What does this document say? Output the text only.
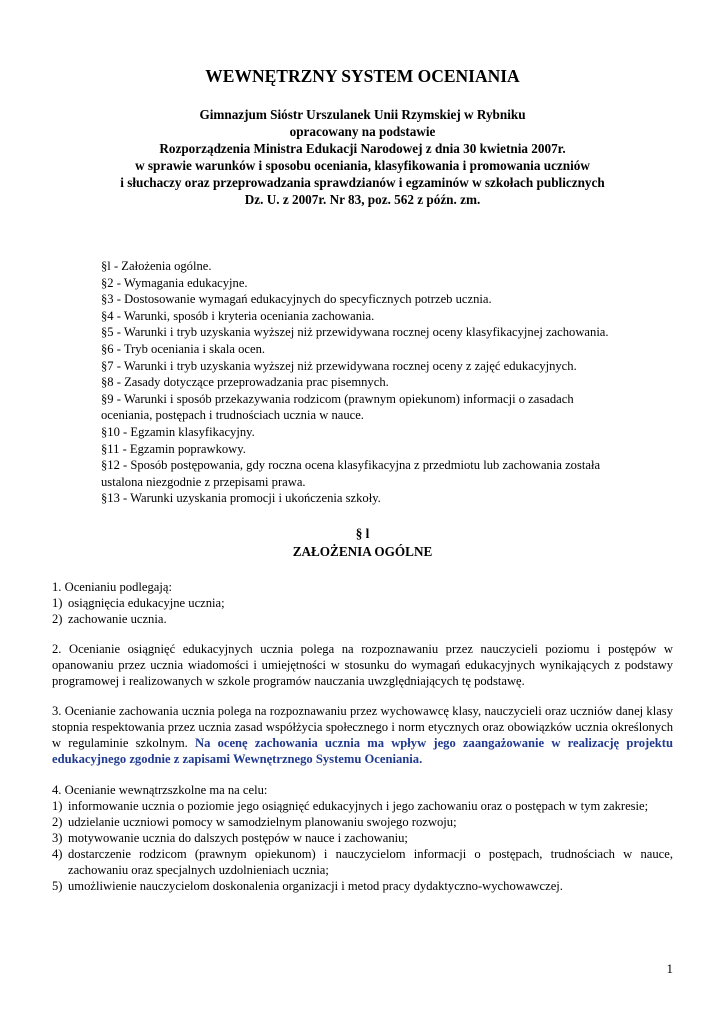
WEWNĘTRZNY SYSTEM OCENIANIA
Gimnazjum Sióstr Urszulanek Unii Rzymskiej w Rybniku
opracowany na podstawie
Rozporządzenia Ministra Edukacji Narodowej z dnia 30 kwietnia 2007r.
w sprawie warunków i sposobu oceniania, klasyfikowania i promowania uczniów
i słuchaczy oraz przeprowadzania sprawdzianów i egzaminów w szkołach publicznych
Dz. U. z 2007r. Nr 83, poz. 562 z późn. zm.
§l - Założenia ogólne.
§2 - Wymagania edukacyjne.
§3 - Dostosowanie wymagań edukacyjnych do specyficznych potrzeb ucznia.
§4 - Warunki, sposób i kryteria oceniania zachowania.
§5 - Warunki i tryb uzyskania wyższej niż przewidywana rocznej oceny klasyfikacyjnej zachowania.
§6 - Tryb oceniania i skala ocen.
§7 - Warunki i tryb uzyskania wyższej niż przewidywana rocznej oceny z zajęć edukacyjnych.
§8 - Zasady dotyczące przeprowadzania prac pisemnych.
§9 - Warunki i sposób przekazywania rodzicom (prawnym opiekunom) informacji o zasadach
oceniania, postępach i trudnościach ucznia w nauce.
§10 - Egzamin klasyfikacyjny.
§11 - Egzamin poprawkowy.
§12 - Sposób postępowania, gdy roczna ocena klasyfikacyjna z przedmiotu lub zachowania została
ustalona niezgodnie z przepisami prawa.
§13 - Warunki uzyskania promocji i ukończenia szkoły.
§ l
ZAŁOŻENIA OGÓLNE
1. Ocenianiu podlegają:
1) osiągnięcia edukacyjne ucznia;
2) zachowanie ucznia.
2. Ocenianie osiągnięć edukacyjnych ucznia polega na rozpoznawaniu przez nauczycieli poziomu i postępów w opanowaniu przez ucznia wiadomości i umiejętności w stosunku do wymagań edukacyjnych wynikających z podstawy programowej i realizowanych w szkole programów nauczania uwzględniających tę podstawę.
3. Ocenianie zachowania ucznia polega na rozpoznawaniu przez wychowawcę klasy, nauczycieli oraz uczniów danej klasy stopnia respektowania przez ucznia zasad współżycia społecznego i norm etycznych oraz obowiązków ucznia określonych w regulaminie szkolnym. Na ocenę zachowania ucznia ma wpływ jego zaangażowanie w realizację projektu edukacyjnego zgodnie z zapisami Wewnętrznego Systemu Oceniania.
4. Ocenianie wewnątrzszkolne ma na celu:
1) informowanie ucznia o poziomie jego osiągnięć edukacyjnych i jego zachowaniu oraz o postępach w tym zakresie;
2) udzielanie uczniowi pomocy w samodzielnym planowaniu swojego rozwoju;
3) motywowanie ucznia do dalszych postępów w nauce i zachowaniu;
4) dostarczenie rodzicom (prawnym opiekunom) i nauczycielom informacji o postępach, trudnościach w nauce, zachowaniu oraz specjalnych uzdolnieniach ucznia;
5) umożliwienie nauczycielom doskonalenia organizacji i metod pracy dydaktyczno-wychowawczej.
1
